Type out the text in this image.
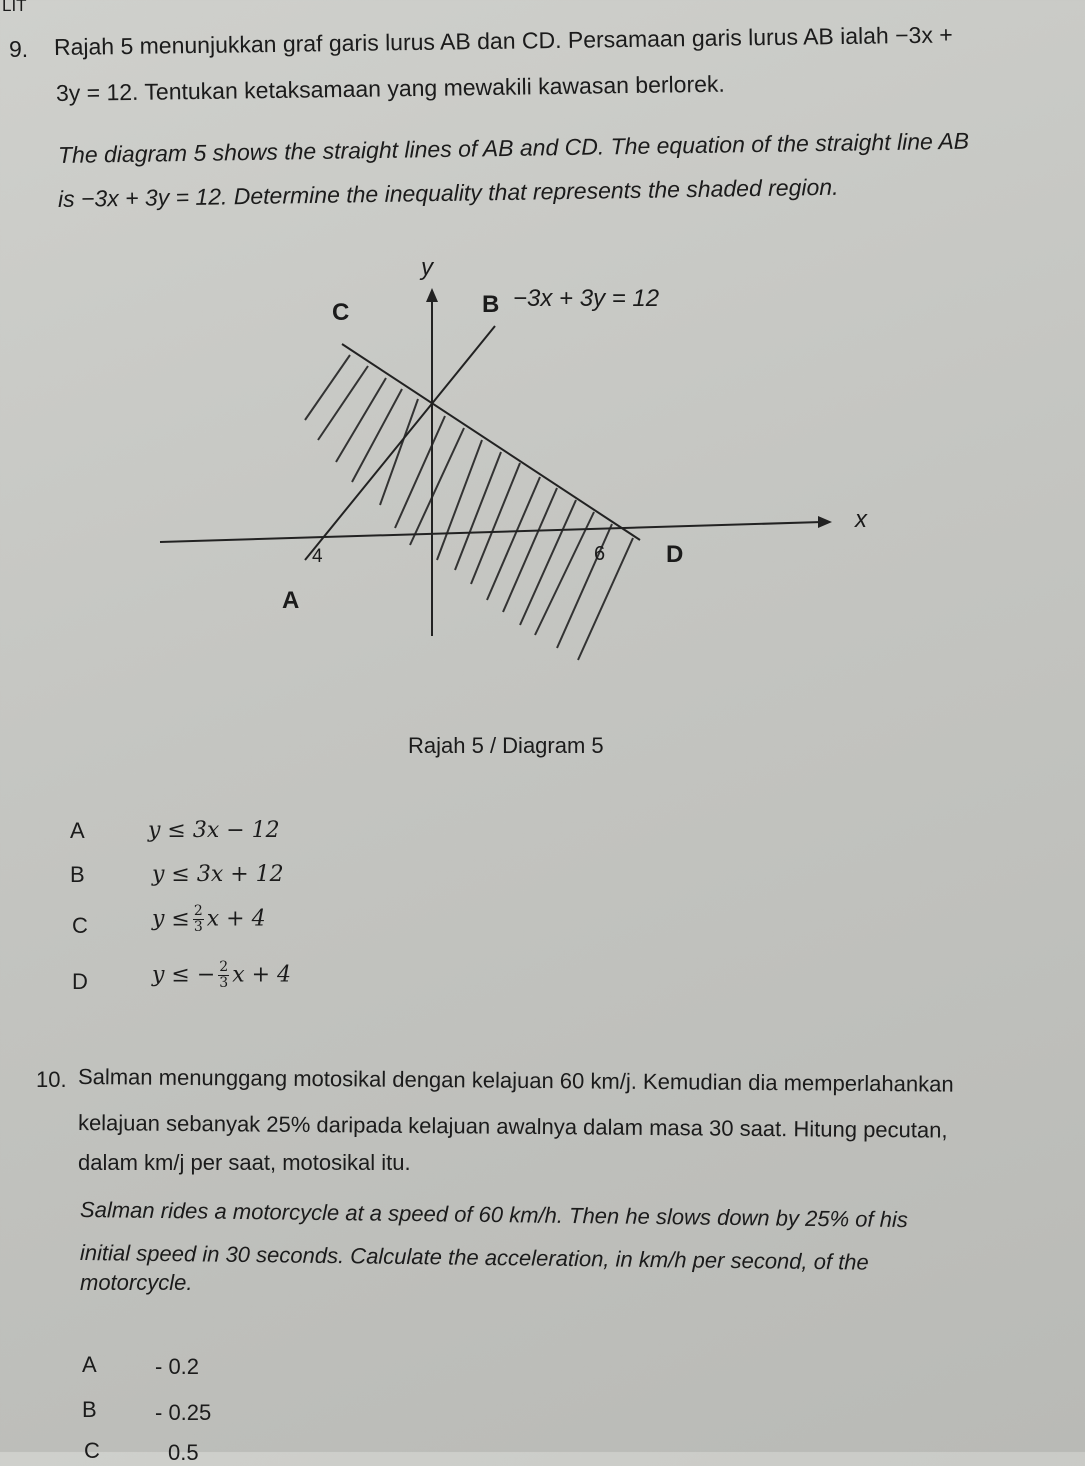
LIT
9. Rajah 5 menunjukkan graf garis lurus AB dan CD. Persamaan garis lurus AB ialah −3x +
3y = 12. Tentukan ketaksamaan yang mewakili kawasan berlorek.
The diagram 5 shows the straight lines of AB and CD. The equation of the straight line AB
is −3x + 3y = 12. Determine the inequality that represents the shaded region.
y
x
C	B −3x + 3y = 12
4	6
A
D
Rajah 5 / Diagram 5
A	y ≤ 3x − 12
B	y ≤ 3x + 12
C	$y \le \frac{2}{3}$ x + 4
D	y ≤ − $\frac{2}{3}$ x + 4
10. Salman menunggang motosikal dengan kelajuan 60 km/j. Kemudian dia memperlahankan
kelajuan sebanyak 25% daripada kelajuan awalnya dalam masa 30 saat. Hitung pecutan,
dalam km/j per saat, motosikal itu.
Salman rides a motorcycle at a speed of 60 km/h. Then he slows down by 25% of his
initial speed in 30 seconds. Calculate the acceleration, in km/h per second, of the
motorcycle.
A	- 0.2
B	- 0.25
C	0.5
